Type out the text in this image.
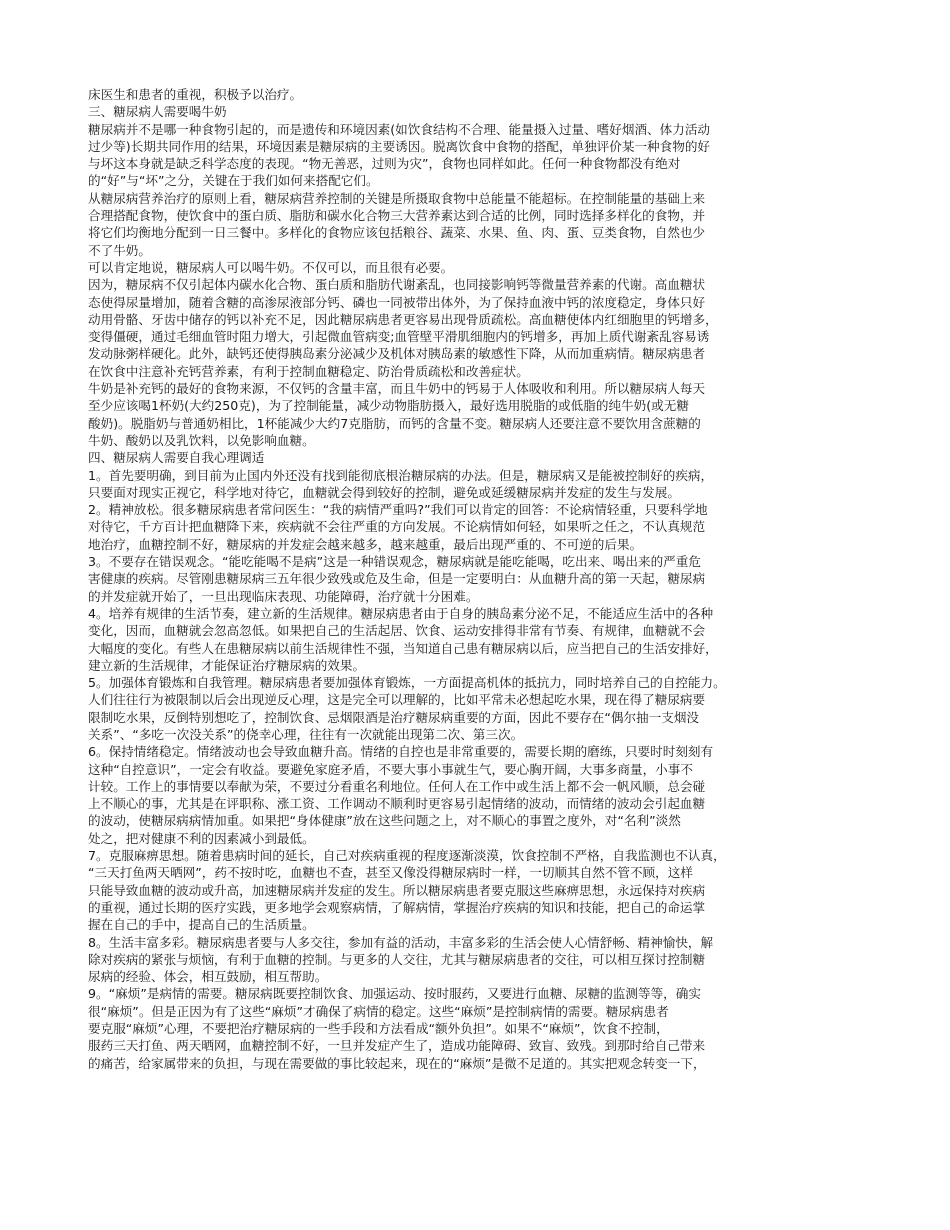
床医生和患者的重视，积极予以治疗。
三、糖尿病人需要喝牛奶
糖尿病并不是哪一种食物引起的，而是遗传和环境因素(如饮食结构不合理、能量摄入过量、嗜好烟酒、体力活动
过少等)长期共同作用的结果，环境因素是糖尿病的主要诱因。脱离饮食中食物的搭配，单独评价某一种食物的好
与坏这本身就是缺乏科学态度的表现。“物无善恶，过则为灾”，食物也同样如此。任何一种食物都没有绝对
的“好”与“坏”之分，关键在于我们如何来搭配它们。
从糖尿病营养治疗的原则上看，糖尿病营养控制的关键是所摄取食物中总能量不能超标。在控制能量的基础上来
合理搭配食物，使饮食中的蛋白质、脂肪和碳水化合物三大营养素达到合适的比例，同时选择多样化的食物，并
将它们均衡地分配到一日三餐中。多样化的食物应该包括粮谷、蔬菜、水果、鱼、肉、蛋、豆类食物，自然也少
不了牛奶。
可以肯定地说，糖尿病人可以喝牛奶。不仅可以，而且很有必要。
因为，糖尿病不仅引起体内碳水化合物、蛋白质和脂肪代谢紊乱，也同接影响钙等微量营养素的代谢。高血糖状
态使得尿量增加，随着含糖的高渗尿液部分钙、磷也一同被带出体外，为了保持血液中钙的浓度稳定，身体只好
动用骨骼、牙齿中储存的钙以补充不足，因此糖尿病患者更容易出现骨质疏松。高血糖使体内红细胞里的钙增多，
变得僵硬，通过毛细血管时阻力增大，引起微血管病变;血管壁平滑肌细胞内的钙增多，再加上质代谢紊乱容易诱
发动脉粥样硬化。此外，缺钙还使得胰岛素分泌减少及机体对胰岛素的敏感性下降，从而加重病情。糖尿病患者
在饮食中注意补充钙营养素，有利于控制血糖稳定、防治骨质疏松和改善症状。
牛奶是补充钙的最好的食物来源，不仅钙的含量丰富，而且牛奶中的钙易于人体吸收和利用。所以糖尿病人每天
至少应该喝1杯奶(大约250克)，为了控制能量，减少动物脂肪摄入，最好选用脱脂的或低脂的纯牛奶(或无糖
酸奶)。脱脂奶与普通奶相比，1杯能减少大约7克脂肪，而钙的含量不变。糖尿病人还要注意不要饮用含蔗糖的
牛奶、酸奶以及乳饮料，以免影响血糖。
四、糖尿病人需要自我心理调适
1。首先要明确，到目前为止国内外还没有找到能彻底根治糖尿病的办法。但是，糖尿病又是能被控制好的疾病，
只要面对现实正视它，科学地对待它，血糖就会得到较好的控制，避免或延缓糖尿病并发症的发生与发展。
2。精神放松。很多糖尿病患者常问医生：“我的病情严重吗?”我们可以肯定的回答：不论病情轻重，只要科学地
对待它，千方百计把血糖降下来，疾病就不会往严重的方向发展。不论病情如何轻，如果听之任之，不认真规范
地治疗，血糖控制不好，糖尿病的并发症会越来越多，越来越重，最后出现严重的、不可逆的后果。
3。不要存在错误观念。“能吃能喝不是病”这是一种错误观念，糖尿病就是能吃能喝，吃出来、喝出来的严重危
害健康的疾病。尽管刚患糖尿病三五年很少致残或危及生命，但是一定要明白：从血糖升高的第一天起，糖尿病
的并发症就开始了，一旦出现临床表现、功能障碍，治疗就十分困难。
4。培养有规律的生活节奏，建立新的生活规律。糖尿病患者由于自身的胰岛素分泌不足，不能适应生活中的各种
变化，因而，血糖就会忽高忽低。如果把自己的生活起居、饮食、运动安排得非常有节奏、有规律，血糖就不会
大幅度的变化。有些人在患糖尿病以前生活规律性不强，当知道自己患有糖尿病以后，应当把自己的生活安排好，
建立新的生活规律，才能保证治疗糖尿病的效果。
5。加强体育锻炼和自我管理。糖尿病患者要加强体育锻炼，一方面提高机体的抵抗力，同时培养自己的自控能力。
人们往往行为被限制以后会出现逆反心理，这是完全可以理解的，比如平常未必想起吃水果，现在得了糖尿病要
限制吃水果，反倒特别想吃了，控制饮食、忌烟限酒是治疗糖尿病重要的方面，因此不要存在“偶尔抽一支烟没
关系”、“多吃一次没关系”的侥幸心理，往往有一次就能出现第二次、第三次。
6。保持情绪稳定。情绪波动也会导致血糖升高。情绪的自控也是非常重要的，需要长期的磨练，只要时时刻刻有
这种“自控意识”，一定会有收益。要避免家庭矛盾，不要大事小事就生气，要心胸开阔，大事多商量，小事不
计较。工作上的事情要以奉献为荣，不要过分看重名利地位。任何人在工作中或生活上都不会一帆风顺，总会碰
上不顺心的事，尤其是在评职称、涨工资、工作调动不顺利时更容易引起情绪的波动，而情绪的波动会引起血糖
的波动，使糖尿病病情加重。如果把“身体健康”放在这些问题之上，对不顺心的事置之度外，对“名利”淡然
处之，把对健康不利的因素减小到最低。
7。克服麻痹思想。随着患病时间的延长，自己对疾病重视的程度逐渐淡漠，饮食控制不严格，自我监测也不认真，
“三天打鱼两天晒网”，药不按时吃，血糖也不查，甚至又像没得糖尿病时一样，一切顺其自然不管不顾，这样
只能导致血糖的波动或升高，加速糖尿病并发症的发生。所以糖尿病患者要克服这些麻痹思想，永远保持对疾病
的重视，通过长期的医疗实践，更多地学会观察病情，了解病情，掌握治疗疾病的知识和技能，把自己的命运掌
握在自己的手中，提高自己的生活质量。
8。生活丰富多彩。糖尿病患者要与人多交往，参加有益的活动，丰富多彩的生活会使人心情舒畅、精神愉快，解
除对疾病的紧张与烦恼，有利于血糖的控制。与更多的人交往，尤其与糖尿病患者的交往，可以相互探讨控制糖
尿病的经验、体会，相互鼓励，相互帮助。
9。“麻烦”是病情的需要。糖尿病既要控制饮食、加强运动、按时服药，又要进行血糖、尿糖的监测等等，确实
很“麻烦”。但是正因为有了这些“麻烦”才确保了病情的稳定。这些“麻烦”是控制病情的需要。糖尿病患者
要克服“麻烦”心理，不要把治疗糖尿病的一些手段和方法看成“额外负担”。如果不“麻烦”，饮食不控制，
服药三天打鱼、两天晒网，血糖控制不好，一旦并发症产生了，造成功能障碍、致盲、致残。到那时给自己带来
的痛苦，给家属带来的负担，与现在需要做的事比较起来，现在的“麻烦”是微不足道的。其实把观念转变一下，
